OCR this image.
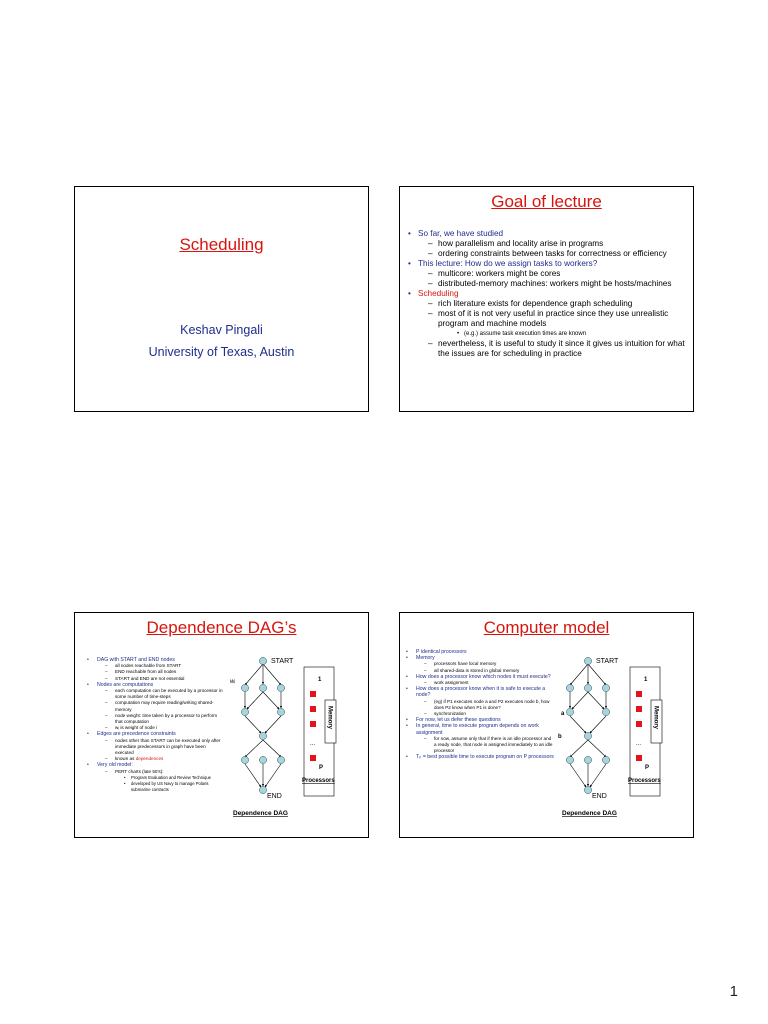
Scheduling
Keshav Pingali
University of Texas, Austin
Goal of lecture
• So far, we have studied
– how parallelism and locality arise in programs
– ordering constraints between tasks for correctness or efficiency
• This lecture: How do we assign tasks to workers?
– multicore: workers might be cores
– distributed-memory machines: workers might be hosts/machines
• Scheduling
– rich literature exists for dependence graph scheduling
– most of it is not very useful in practice since they use unrealistic program and machine models
• (e.g.) assume task execution times are known
– nevertheless, it is useful to study it since it gives us intuition for what the issues are for scheduling in practice
Dependence DAG’s
• DAG with START and END nodes
– all nodes reachable from START
– END reachable from all nodes
– START and END are not essential
• Nodes are computations
– each computation can be executed by a processor in some number of time-steps
– computation may require reading/writing shared-memory
– node weight: time taken by a processor to perform that computation
– wᵢ is weight of node i
• Edges are precedence constraints
– nodes other than START can be executed only after immediate predecessors in graph have been executed
– known as dependences
• Very old model:
– PERT charts (late 50’s):
• Program Evaluation and Review Technique
• developed by US Navy to manage Polaris submarine contracts
START
wᵢ
END
Dependence DAG
1
...
P
Memory
Processors
Computer model
• P identical processors
• Memory
– processors have local memory
– all shared-data is stored in global memory
• How does a processor know which nodes it must execute?
– work assignment
• How does a processor know when it is safe to execute a node?
– (eg) if P1 executes node a and P2 executes node b, how does P2 know when P1 is done?
– synchronization
• For now, let us defer these questions
• In general, time to execute program depends on work assignment
– for now, assume only that if there is an idle processor and a ready node, that node is assigned immediately to an idle processor
• Tₚ = best possible time to execute program on P processors
START
a
b
END
Dependence DAG
1
...
P
Memory
Processors
1
